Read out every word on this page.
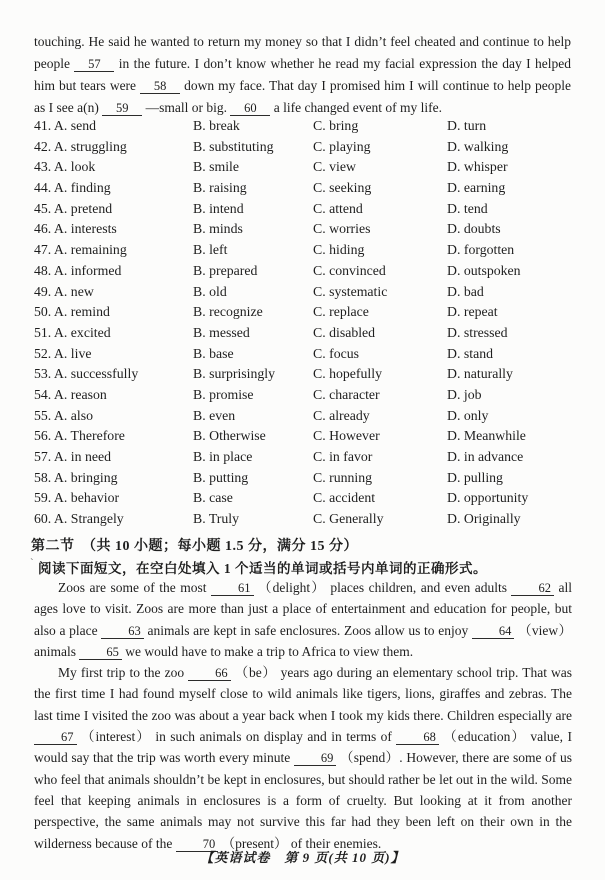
touching. He said he wanted to return my money so that I didn’t feel cheated and continue to help people 57 in the future. I don’t know whether he read my facial expression the day I helped him but tears were 58 down my face. That day I promised him I will continue to help people as I see a(n) 59 —small or big. 60 a life changed event of my life.
41. A. send	B. break	C. bring	D. turn
42. A. struggling	B. substituting	C. playing	D. walking
43. A. look	B. smile	C. view	D. whisper
44. A. finding	B. raising	C. seeking	D. earning
45. A. pretend	B. intend	C. attend	D. tend
46. A. interests	B. minds	C. worries	D. doubts
47. A. remaining	B. left	C. hiding	D. forgotten
48. A. informed	B. prepared	C. convinced	D. outspoken
49. A. new	B. old	C. systematic	D. bad
50. A. remind	B. recognize	C. replace	D. repeat
51. A. excited	B. messed	C. disabled	D. stressed
52. A. live	B. base	C. focus	D. stand
53. A. successfully	B. surprisingly	C. hopefully	D. naturally
54. A. reason	B. promise	C. character	D. job
55. A. also	B. even	C. already	D. only
56. A. Therefore	B. Otherwise	C. However	D. Meanwhile
57. A. in need	B. in place	C. in favor	D. in advance
58. A. bringing	B. putting	C. running	D. pulling
59. A. behavior	B. case	C. accident	D. opportunity
60. A. Strangely	B. Truly	C. Generally	D. Originally
第二节　（共 10 小题；每小题 1.5 分，满分 15 分）
` 阅读下面短文，在空白处填入 1 个适当的单词或括号内单词的正确形式。

Zoos are some of the most 61 （delight） places children, and even adults 62 all ages love to visit. Zoos are more than just a place of entertainment and education for people, but also a place 63 animals are kept in safe enclosures. Zoos allow us to enjoy 64 （view） animals 65 we would have to make a trip to Africa to view them.

My first trip to the zoo 66 （be） years ago during an elementary school trip. That was the first time I had found myself close to wild animals like tigers, lions, giraffes and zebras. The last time I visited the zoo was about a year back when I took my kids there. Children especially are 67 （interest） in such animals on display and in terms of 68 （education） value, I would say that the trip was worth every minute 69 （spend）. However, there are some of us who feel that animals shouldn’t be kept in enclosures, but should rather be let out in the wild. Some feel that keeping animals in enclosures is a form of cruelty. But looking at it from another perspective, the same animals may not survive this far had they been left on their own in the wilderness because of the 70 （present） of their enemies.

【英语试卷　第 9 页(共 10 页)】
